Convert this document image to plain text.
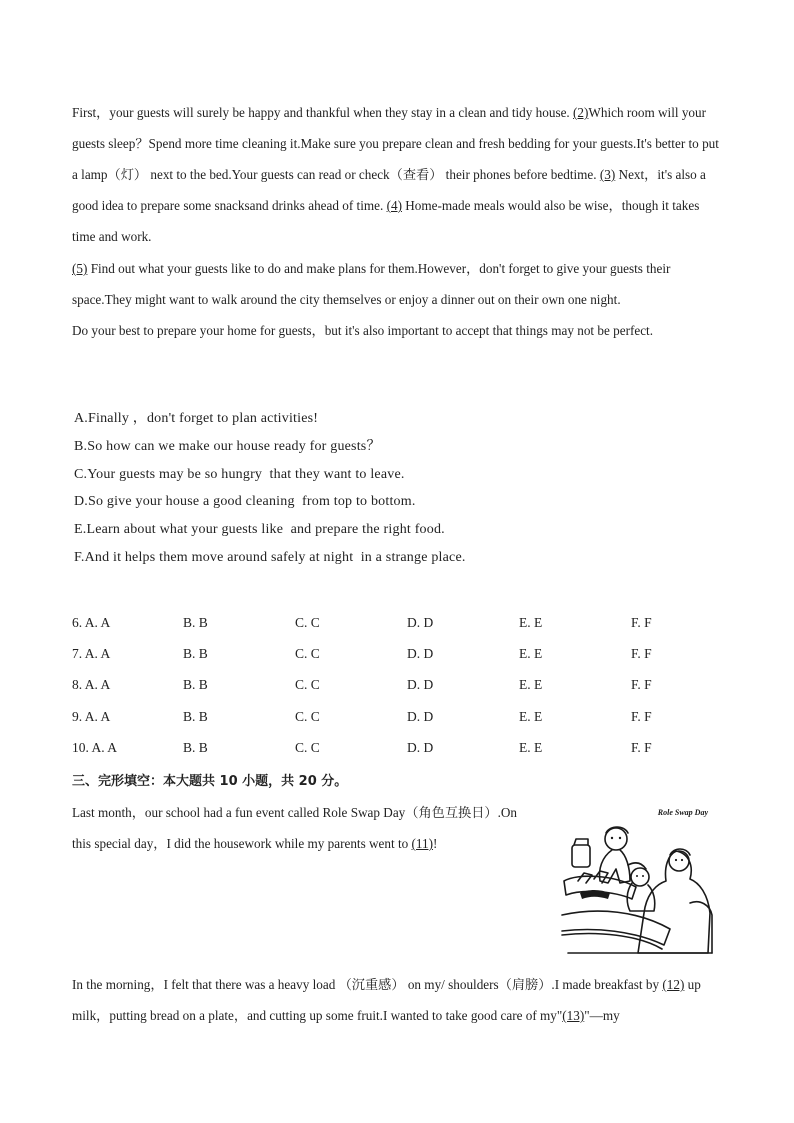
First，your guests will surely be happy and thankful when they stay in a clean and tidy house. (2)Which room will your guests sleep？Spend more time cleaning it.Make sure you prepare clean and fresh bedding for your guests.It's better to put a lamp（灯） next to the bed.Your guests can read or check（查看） their phones before bedtime. (3) Next，it's also a good idea to prepare some snacksand drinks ahead of time. (4) Home-made meals would also be wise，though it takes time and work.
(5) Find out what your guests like to do and make plans for them.However，don't forget to give your guests their space.They might want to walk around the city themselves or enjoy a dinner out on their own one night.
Do your best to prepare your home for guests，but it's also important to accept that things may not be perfect.
A.Finally ，don't forget to plan activities!
B.So how can we make our house ready for guests？
C.Your guests may be so hungry  that they want to leave.
D.So give your house a good cleaning  from top to bottom.
E.Learn about what your guests like  and prepare the right food.
F.And it helps them move around safely at night  in a strange place.
6. A. A	B. B	C. C	D. D	E. E	F. F
7. A. A	B. B	C. C	D. D	E. E	F. F
8. A. A	B. B	C. C	D. D	E. E	F. F
9. A. A	B. B	C. C	D. D	E. E	F. F
10. A. A	B. B	C. C	D. D	E. E	F. F
三、完形填空：本大题共 10 小题，共 20 分。
Last month，our school had a fun event called Role Swap Day（角色互换日）.On this special day，I did the housework while my parents went to (11)!
Role Swap Day
In the morning，I felt that there was a heavy load （沉重感） on my/ shoulders（肩膀）.I made breakfast by (12) up milk，putting bread on a plate，and cutting up some fruit.I wanted to take good care of my"(13)"—my
